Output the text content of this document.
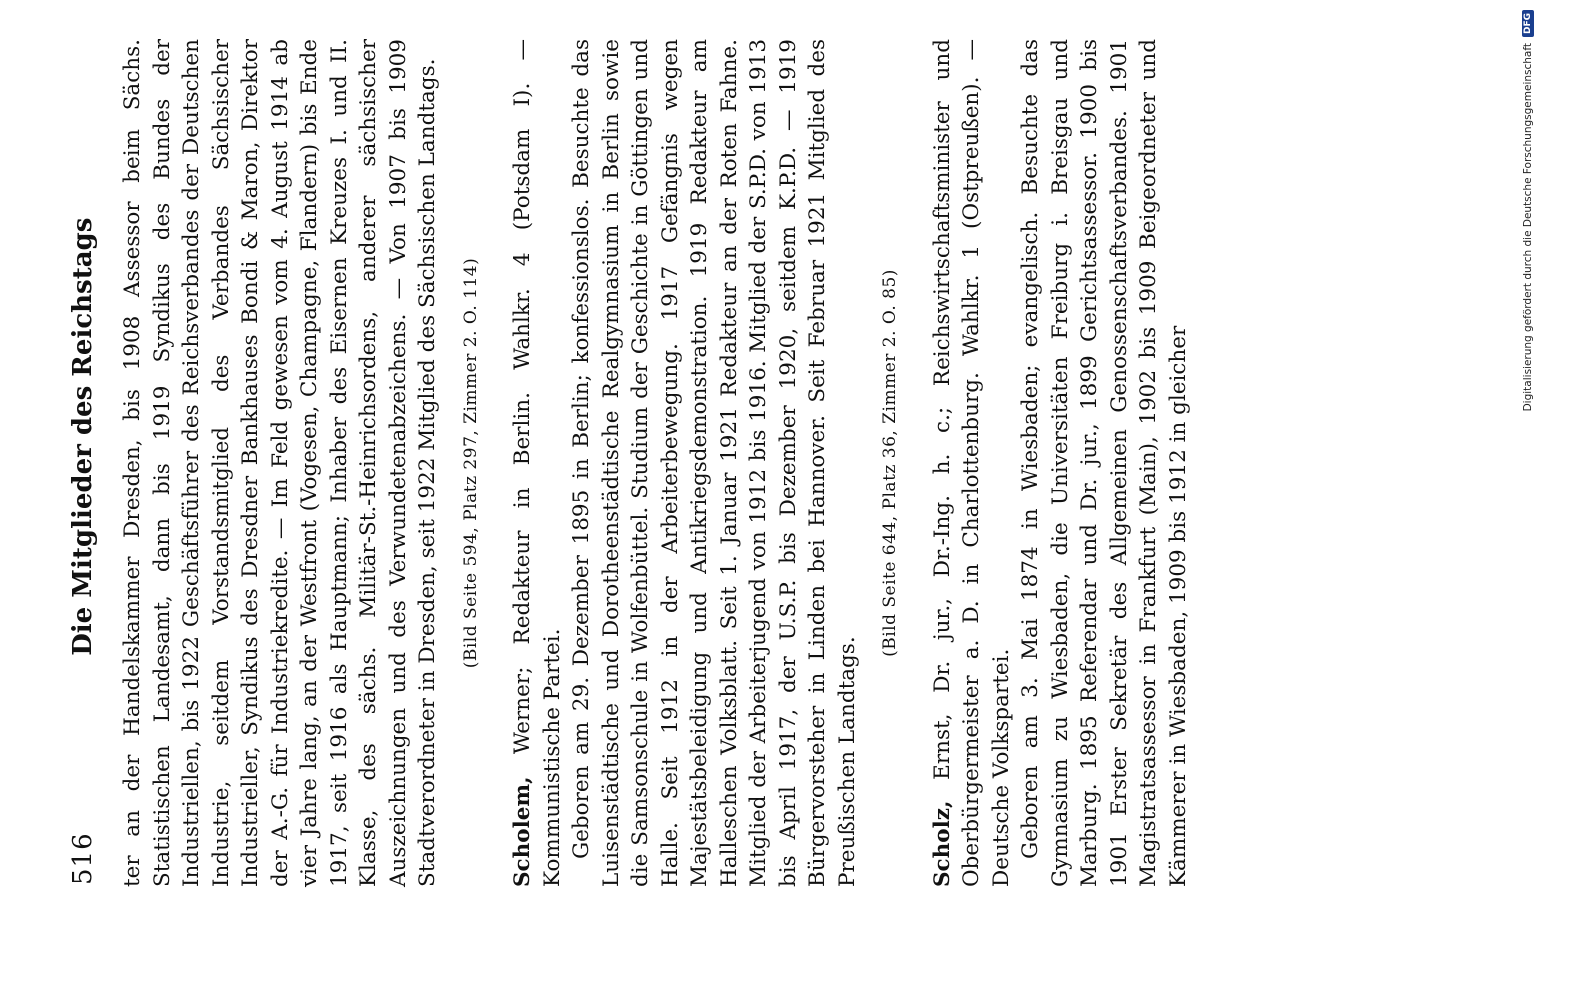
516
Die Mitglieder des Reichstags ter an der Handelskammer Dresden, bis 1908 Assessor beim Sächs. Statistischen Landesamt, dann bis 1919 Syndikus des Bundes der Industriellen, bis 1922 Geschäftsführer des Reichsverbandes der Deutschen Industrie, seitdem Vorstandsmitglied des Verbandes Sächsischer Industrieller, Syndikus des Dresdner Bankhauses Bondi & Maron, Direktor der A.-G. für Industriekredite. — Im Feld gewesen vom 4. August 1914 ab vier Jahre lang, an der Westfront (Vogesen, Champagne, Flandern) bis Ende 1917, seit 1916 als Hauptmann; Inhaber des Eisernen Kreuzes I. und II. Klasse, des sächs. Militär-St.-Heinrichsordens, anderer sächsischer Auszeichnungen und des Verwundetenabzeichens. — Von 1907 bis 1909 Stadtverordneter in Dresden, seit 1922 Mitglied des Sächsischen Landtags. (Bild Seite 594, Platz 297, Zimmer 2. O. 114)

Scholem, Werner; Redakteur in Berlin. Wahlkr. 4 (Potsdam I). — Kommunistische Partei. Geboren am 29. Dezember 1895 in Berlin; konfessionslos. Besuchte das Luisenstädtische und Dorotheenstädtische Realgymnasium in Berlin sowie die Samsonschule in Wolfenbüttel. Studium der Geschichte in Göttingen und Halle. Seit 1912 in der Arbeiterbewegung. 1917 Gefängnis wegen Majestätsbeleidigung und Antikriegsdemonstration. 1919 Redakteur am Halleschen Volksblatt. Seit 1. Januar 1921 Redakteur an der Roten Fahne. Mitglied der Arbeiterjugend von 1912 bis 1916. Mitglied der S.P.D. von 1913 bis April 1917, der U.S.P. bis Dezember 1920, seitdem K.P.D. — 1919 Bürgervorsteher in Linden bei Hannover. Seit Februar 1921 Mitglied des Preußischen Landtags.

(Bild Seite 644, Platz 36, Zimmer 2. O. 85)

Scholz, Ernst, Dr. jur., Dr.-Ing. h. c.; Reichswirtschaftsminister und Oberbürgermeister a. D. in Charlottenburg. Wahlkr. 1 (Ostpreußen). — Deutsche Volkspartei. Geboren am 3. Mai 1874 in Wiesbaden; evangelisch. Besuchte das Gymnasium zu Wiesbaden, die Universitäten Freiburg i. Breisgau und Marburg. 1895 Referendar und Dr. jur., 1899 Gerichtsassessor. 1900 bis 1901 Erster Sekretär des Allgemeinen Genossenschaftsverbandes. 1901 Magistratsassessor in Frankfurt (Main), 1902 bis 1909 Beigeordneter und Kämmerer in Wiesbaden, 1909 bis 1912 in gleicher

Digitalisierung gefördert durch die Deutsche Forschungsgemeinschaft
DFG
